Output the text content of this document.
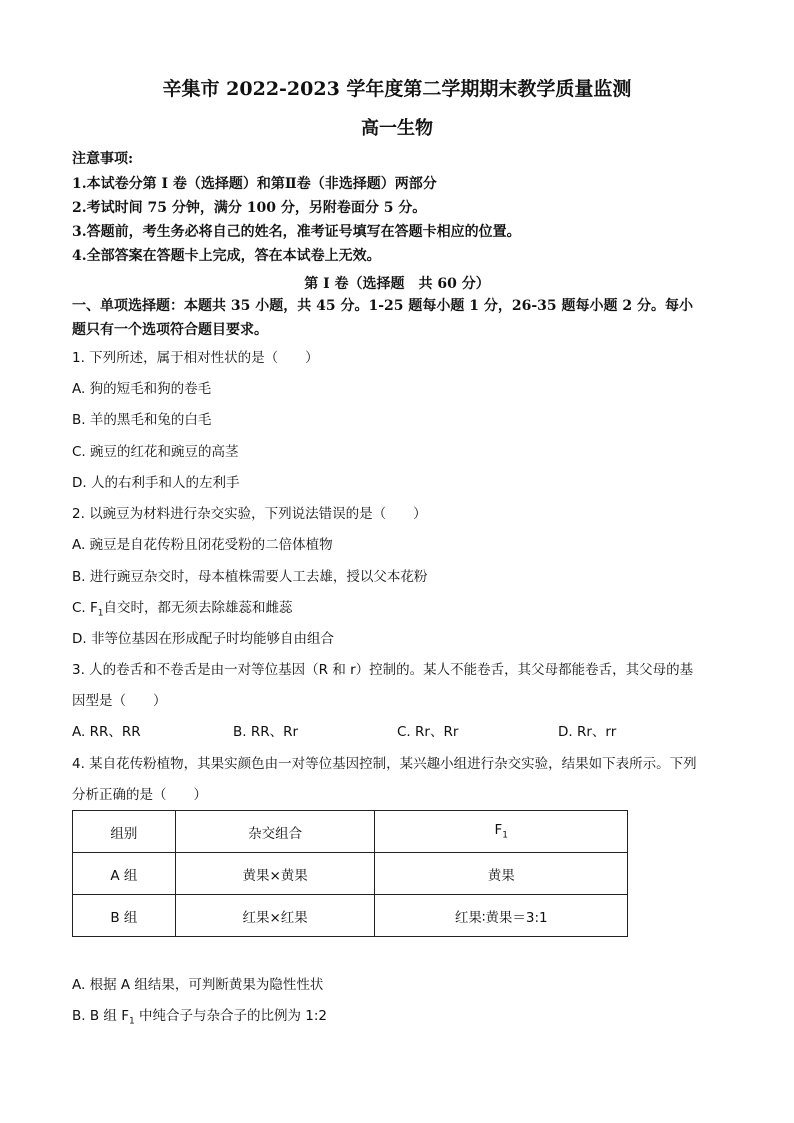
辛集市 2022-2023 学年度第二学期期末教学质量监测
高一生物
注意事项:
1.本试卷分第 I 卷（选择题）和第Ⅱ卷（非选择题）两部分
2.考试时间 75 分钟，满分 100 分，另附卷面分 5 分。
3.答题前，考生务必将自己的姓名，准考证号填写在答题卡相应的位置。
4.全部答案在答题卡上完成，答在本试卷上无效。
第 I 卷（选择题　共 60 分）
一、单项选择题：本题共 35 小题，共 45 分。1-25 题每小题 1 分，26-35 题每小题 2 分。每小
题只有一个选项符合题目要求。
1. 下列所述，属于相对性状的是（　　）
A. 狗的短毛和狗的卷毛
B. 羊的黑毛和兔的白毛
C. 豌豆的红花和豌豆的高茎
D. 人的右利手和人的左利手
2. 以豌豆为材料进行杂交实验，下列说法错误的是（　　）
A. 豌豆是自花传粉且闭花受粉的二倍体植物
B. 进行豌豆杂交时，母本植株需要人工去雄，授以父本花粉
C. $F_1$自交时，都无须去除雄蕊和雌蕊
D. 非等位基因在形成配子时均能够自由组合
3. 人的卷舌和不卷舌是由一对等位基因（R 和 r）控制的。某人不能卷舌，其父母都能卷舌，其父母的基
因型是（　　）
A. RR、RR	B. RR、Rr	C. Rr、Rr	D. Rr、rr
4. 某自花传粉植物，其果实颜色由一对等位基因控制，某兴趣小组进行杂交实验，结果如下表所示。下列
分析正确的是（　　）
组别	杂交组合	$F_1$
A 组	黄果×黄果	黄果
B 组	红果×红果	红果∶黄果＝3:1
A. 根据 A 组结果，可判断黄果为隐性性状
B. B 组 $F_1$ 中纯合子与杂合子的比例为 1:2
